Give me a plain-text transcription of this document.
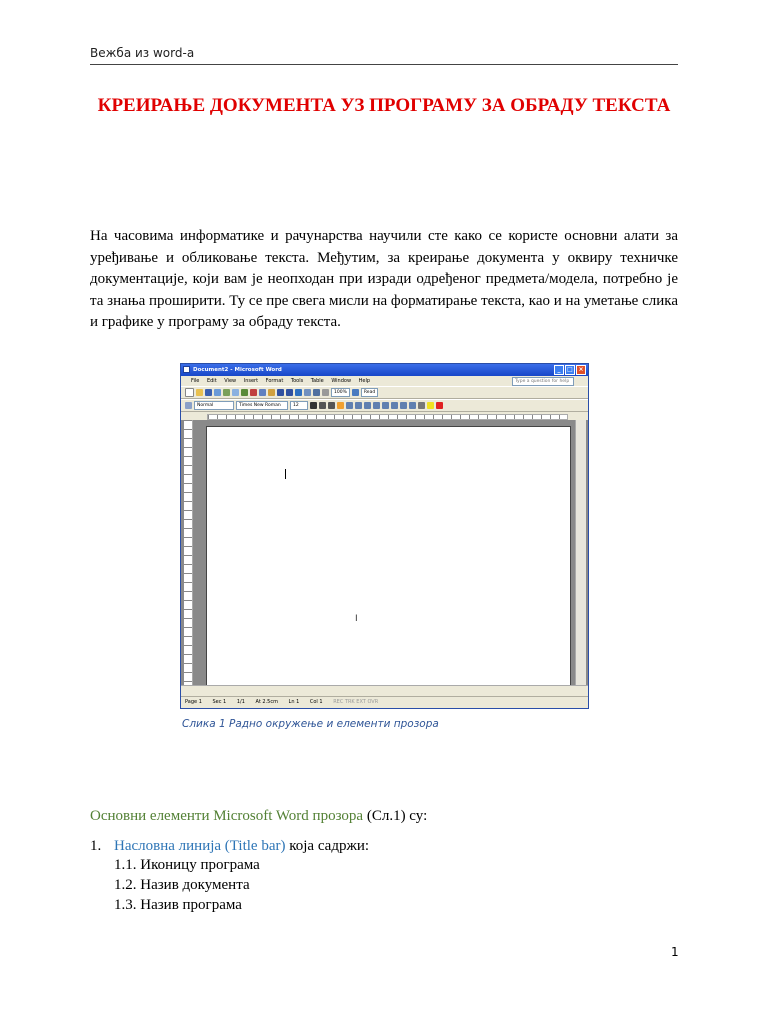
Вежба из word-a
КРЕИРАЊЕ ДОКУМЕНТА УЗ ПРОГРАМУ ЗА ОБРАДУ ТЕКСТА
На часовима информатике и рачунарства научили сте како се користе основни алати за уређивање и обликовање текста. Међутим, за креирање документа у оквиру техничке документације, који вам је неопходан при изради одређеног предмета/модела, потребно је та знања проширити. Ту се пре свега мисли на форматирање текста, као и на уметање слика и графике у програму за обраду текста.
Document2 - Microsoft Word	_	□ ×
File Edit View Insert Format Tools Table Window Help	Type a question for help
100%	Read
Normal	Times New Roman	12
I
Page 1 Sec 1 1/1 At 2.5cm Ln 1 Col 1 REC TRK EXT OVR
Слика 1 Радно окружење и елементи прозора
Основни елементи Microsoft Word прозора (Сл.1) су:
1. Насловна линија (Title bar) која садржи:
1.1. Иконицу програма
1.2. Назив документа
1.3. Назив програма
1
